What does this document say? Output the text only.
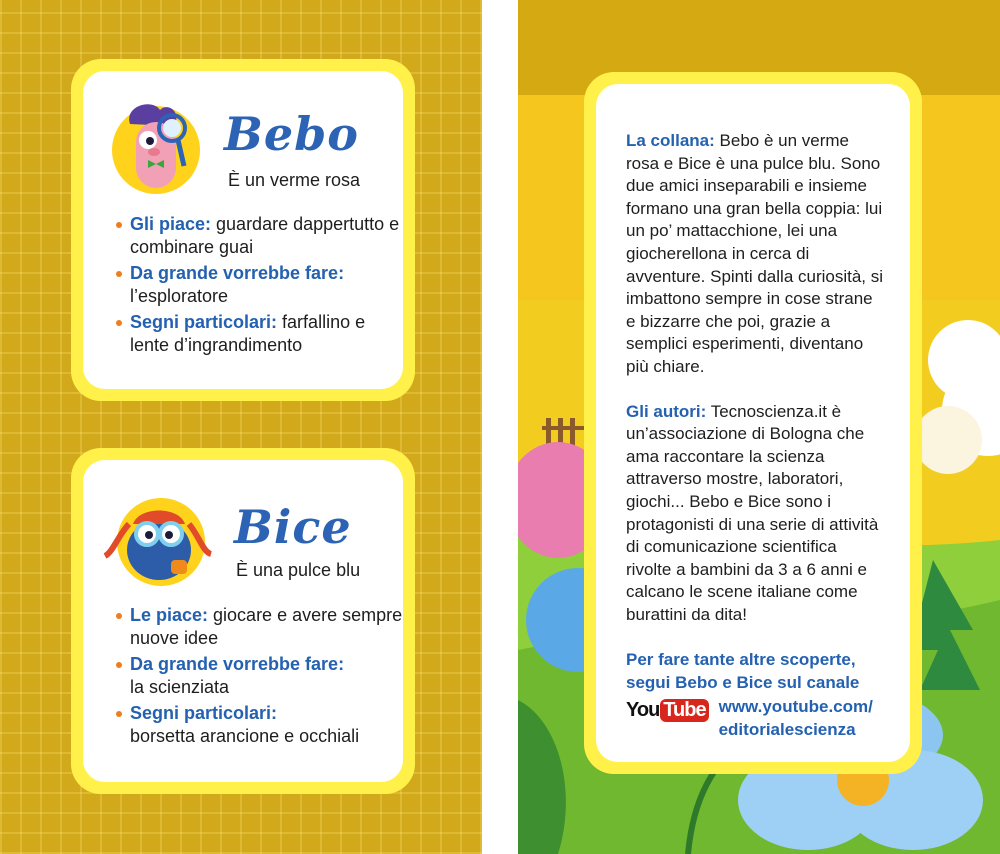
Bebo
È un verme rosa
Gli piace: guardare dappertutto e combinare guai
Da grande vorrebbe fare: l’esploratore
Segni particolari: farfallino e lente d’ingrandimento
Bice
È una pulce blu
Le piace: giocare e avere sempre nuove idee
Da grande vorrebbe fare:
la scienziata
Segni particolari:
borsetta arancione e occhiali

La collana: Bebo è un verme rosa e Bice è una pulce blu. Sono due amici inseparabili e insieme formano una gran bella coppia: lui un po’ mattacchione, lei una giocherellona in cerca di avventure. Spinti dalla curiosità, si imbattono sempre in cose strane e bizzarre che poi, grazie a semplici esperimenti, diventano più chiare.

Gli autori: Tecnoscienza.it è un’associazione di Bologna che ama raccontare la scienza attraverso mostre, laboratori, giochi... Bebo e Bice sono i protagonisti di una serie di attività di comunicazione scientifica rivolte a bambini da 3 a 6 anni e calcano le scene italiane come burattini da dita!

Per fare tante altre scoperte, segui Bebo e Bice sul canale
You Tube www.youtube.com/
editorialescienza
